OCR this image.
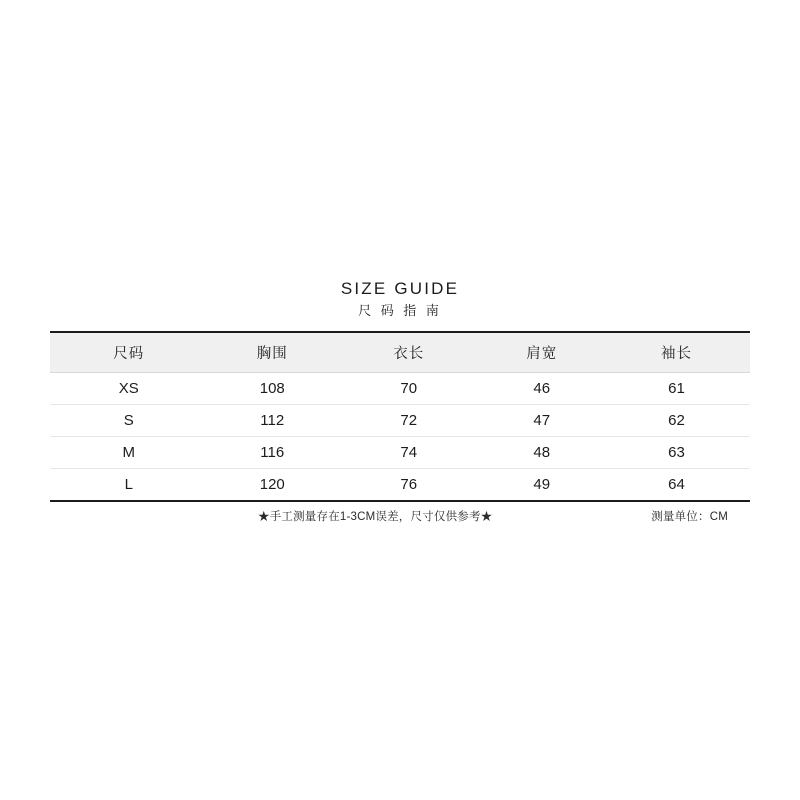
SIZE GUIDE
尺 码 指 南
尺码	胸围	衣长	肩宽	袖长
XS	108	70	46	61
S	112	72	47	62
M	116	74	48	63
L	120	76	49	64
★手工测量存在1-3CM误差，尺寸仅供参考★	测量单位：CM
